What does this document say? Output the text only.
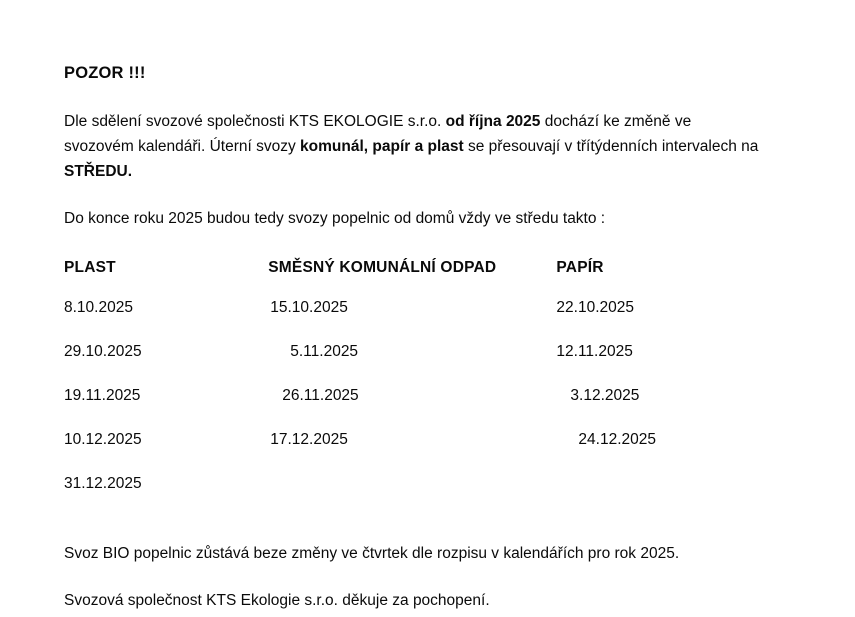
POZOR !!!

Dle sdělení svozové společnosti KTS EKOLOGIE s.r.o. od října 2025 dochází ke změně ve svozovém kalendáři. Úterní svozy komunál, papír a plast se přesouvají v třítýdenních intervalech na STŘEDU.

Do konce roku 2025 budou tedy svozy popelnic od domů vždy ve středu takto :

PLAST	SMĚSNÝ KOMUNÁLNÍ ODPAD	PAPÍR
8.10.2025	15.10.2025	22.10.2025
29.10.2025	5.11.2025	12.11.2025
19.11.2025	26.11.2025	3.12.2025
10.12.2025	17.12.2025	24.12.2025
31.12.2025		

Svoz BIO popelnic zůstává beze změny ve čtvrtek dle rozpisu v kalendářích pro rok 2025.

Svozová společnost KTS Ekologie s.r.o. děkuje za pochopení.
